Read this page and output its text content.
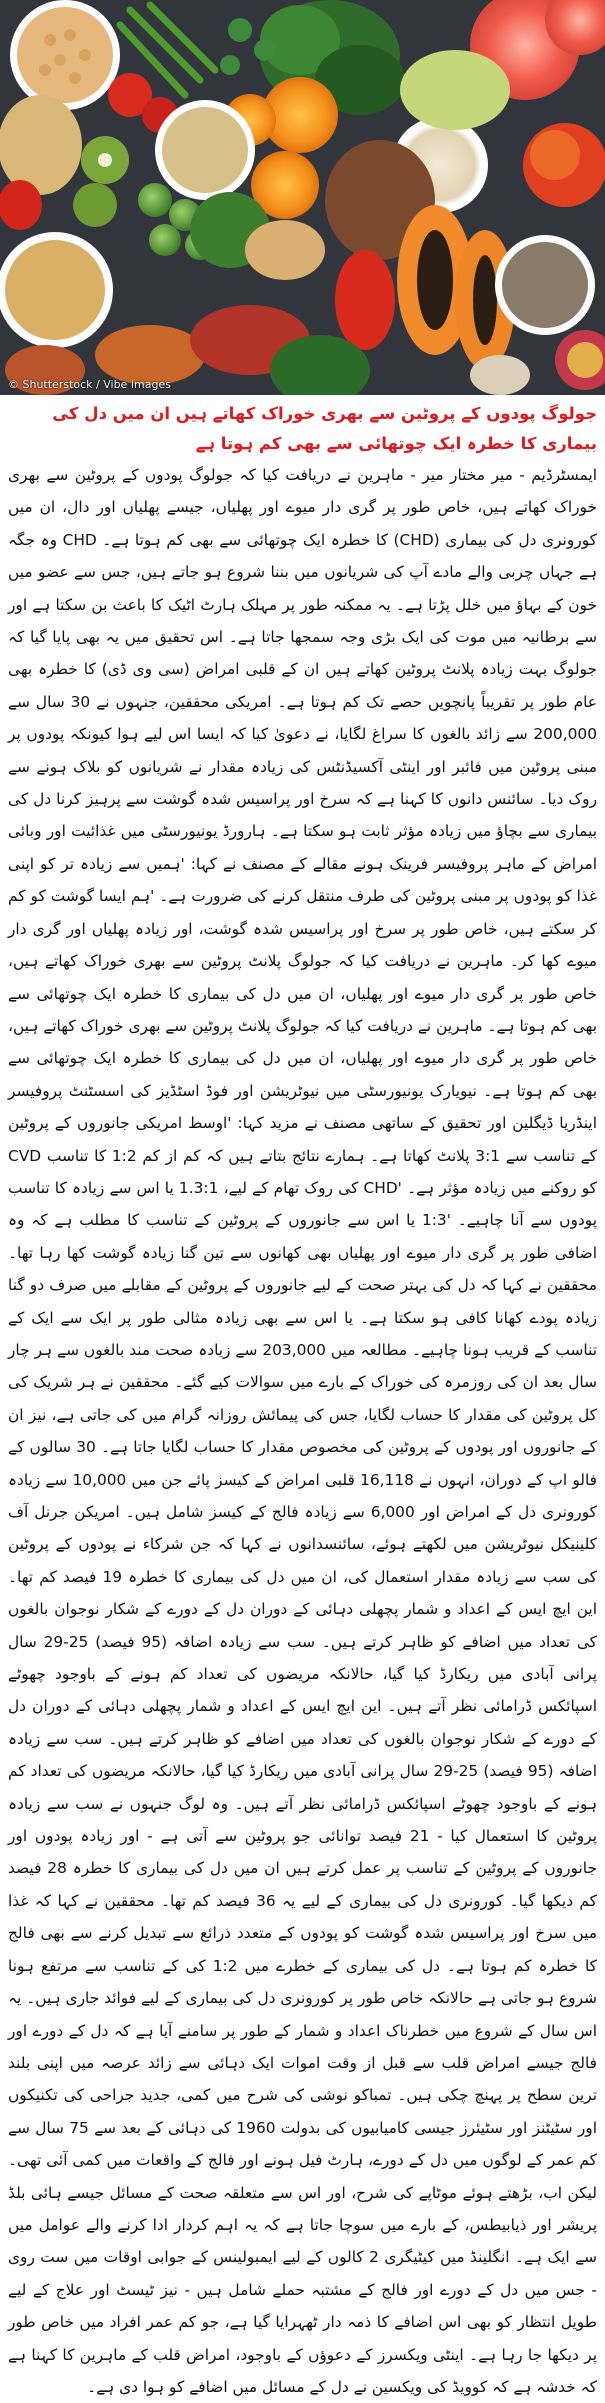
© Shutterstock / Vibe Images
جولوگ پودوں کے پروٹین سے بھری خوراک کھاتے ہیں ان میں دل کی بیماری کا خطرہ ایک چوتھائی سے بھی کم ہوتا ہے

ایمسٹرڈیم - میر مختار میر - ماہرین نے دریافت کیا کہ جولوگ پودوں کے پروٹین سے بھری خوراک کھاتے ہیں، خاص طور پر گری دار میوے اور پھلیاں، جیسے پھلیاں اور دال، ان میں کورونری دل کی بیماری (CHD) کا خطرہ ایک چوتھائی سے بھی کم ہوتا ہے۔ CHD وہ جگہ ہے جہاں چربی والے مادے آپ کی شریانوں میں بننا شروع ہو جاتے ہیں، جس سے عضو میں خون کے بہاؤ میں خلل پڑتا ہے۔ یہ ممکنہ طور پر مہلک ہارٹ اٹیک کا باعث بن سکتا ہے اور سے برطانیہ میں موت کی ایک بڑی وجہ سمجھا جاتا ہے۔ اس تحقیق میں یہ بھی پایا گیا کہ جولوگ بہت زیادہ پلانٹ پروٹین کھاتے ہیں ان کے قلبی امراض (سی وی ڈی) کا خطرہ بھی عام طور پر تقریباً پانچویں حصے تک کم ہوتا ہے۔ امریکی محققین، جنہوں نے 30 سال سے 200,000 سے زائد بالغوں کا سراغ لگایا، نے دعویٰ کیا کہ ایسا اس لیے ہوا کیونکہ پودوں پر مبنی پروٹین میں فائبر اور اینٹی آکسیڈنٹس کی زیادہ مقدار نے شریانوں کو بلاک ہونے سے روک دیا۔ سائنس دانوں کا کہنا ہے کہ سرخ اور پراسیس شدہ گوشت سے پرہیز کرنا دل کی بیماری سے بچاؤ میں زیادہ مؤثر ثابت ہو سکتا ہے۔ ہارورڈ یونیورسٹی میں غذائیت اور وبائی امراض کے ماہر پروفیسر فرینک ہونے مقالے کے مصنف نے کہا: 'ہمیں سے زیادہ تر کو اپنی غذا کو پودوں پر مبنی پروٹین کی طرف منتقل کرنے کی ضرورت ہے۔ 'ہم ایسا گوشت کو کم کر سکتے ہیں، خاص طور پر سرخ اور پراسیس شدہ گوشت، اور زیادہ پھلیاں اور گری دار میوے کھا کر۔ ماہرین نے دریافت کیا کہ جولوگ پلانٹ پروٹین سے بھری خوراک کھاتے ہیں، خاص طور پر گری دار میوے اور پھلیاں، ان میں دل کی بیماری کا خطرہ ایک چوتھائی سے بھی کم ہوتا ہے۔ ماہرین نے دریافت کیا کہ جولوگ پلانٹ پروٹین سے بھری خوراک کھاتے ہیں، خاص طور پر گری دار میوے اور پھلیاں، ان میں دل کی بیماری کا خطرہ ایک چوتھائی سے بھی کم ہوتا ہے۔ نیویارک یونیورسٹی میں نیوٹریشن اور فوڈ اسٹڈیز کی اسسٹنٹ پروفیسر اینڈریا ڈیگلین اور تحقیق کے ساتھی مصنف نے مزید کہا: 'اوسط امریکی جانوروں کے پروٹین کے تناسب سے 3:1 پلانٹ کھاتا ہے۔ ہمارے نتائج بتاتے ہیں کہ کم از کم 1:2 کا تناسب CVD کو روکنے میں زیادہ مؤثر ہے۔ 'CHD کی روک تھام کے لیے، 1.3:1 یا اس سے زیادہ کا تناسب پودوں سے آنا چاہیے۔ '1:3 یا اس سے جانوروں کے پروٹین کے تناسب کا مطلب ہے کہ وہ اضافی طور پر گری دار میوے اور پھلیاں بھی کھانوں سے تین گنا زیادہ گوشت کھا رہا تھا۔ محققین نے کہا کہ دل کی بہتر صحت کے لیے جانوروں کے پروٹین کے مقابلے میں صرف دو گنا زیادہ پودے کھانا کافی ہو سکتا ہے۔ یا اس سے بھی زیادہ مثالی طور پر ایک سے ایک کے تناسب کے قریب ہونا چاہیے۔ مطالعہ میں 203,000 سے زیادہ صحت مند بالغوں سے ہر چار سال بعد ان کی روزمرہ کی خوراک کے بارے میں سوالات کیے گئے۔ محققین نے ہر شریک کی کل پروٹین کی مقدار کا حساب لگایا، جس کی پیمائش روزانہ گرام میں کی جاتی ہے، نیز ان کے جانوروں اور پودوں کے پروٹین کی مخصوص مقدار کا حساب لگایا جاتا ہے۔ 30 سالوں کے فالو اپ کے دوران، انہوں نے 16,118 قلبی امراض کے کیسز پائے جن میں 10,000 سے زیادہ کورونری دل کے امراض اور 6,000 سے زیادہ فالج کے کیسز شامل ہیں۔ امریکن جرنل آف کلینیکل نیوٹریشن میں لکھتے ہوئے، سائنسدانوں نے کہا کہ جن شرکاء نے پودوں کے پروٹین کی سب سے زیادہ مقدار استعمال کی، ان میں دل کی بیماری کا خطرہ 19 فیصد کم تھا۔ این ایچ ایس کے اعداد و شمار پچھلی دہائی کے دوران دل کے دورے کے شکار نوجوان بالغوں کی تعداد میں اضافے کو ظاہر کرتے ہیں۔ سب سے زیادہ اضافہ (95 فیصد) 25-29 سال پرانی آبادی میں ریکارڈ کیا گیا، حالانکہ مریضوں کی تعداد کم ہونے کے باوجود چھوٹے اسپائکس ڈرامائی نظر آتے ہیں۔ این ایچ ایس کے اعداد و شمار پچھلی دہائی کے دوران دل کے دورے کے شکار نوجوان بالغوں کی تعداد میں اضافے کو ظاہر کرتے ہیں۔ سب سے زیادہ اضافہ (95 فیصد) 25-29 سال پرانی آبادی میں ریکارڈ کیا گیا، حالانکہ مریضوں کی تعداد کم ہونے کے باوجود چھوٹے اسپائکس ڈرامائی نظر آتے ہیں۔ وہ لوگ جنہوں نے سب سے زیادہ پروٹین کا استعمال کیا - 21 فیصد توانائی جو پروٹین سے آتی ہے - اور زیادہ پودوں اور جانوروں کے پروٹین کے تناسب پر عمل کرتے ہیں ان میں دل کی بیماری کا خطرہ 28 فیصد کم دیکھا گیا۔ کورونری دل کی بیماری کے لیے یہ 36 فیصد کم تھا۔ محققین نے کہا کہ غذا میں سرخ اور پراسیس شدہ گوشت کو پودوں کے متعدد ذرائع سے تبدیل کرنے سے بھی فالج کا خطرہ کم ہوتا ہے۔ دل کی بیماری کے خطرے میں 1:2 کی کے تناسب سے مرتفع ہونا شروع ہو جاتی ہے حالانکہ خاص طور پر کورونری دل کی بیماری کے لیے فوائد جاری ہیں۔ یہ اس سال کے شروع میں خطرناک اعداد و شمار کے طور پر سامنے آیا ہے کہ دل کے دورے اور فالج جیسے امراض قلب سے قبل از وقت اموات ایک دہائی سے زائد عرصہ میں اپنی بلند ترین سطح پر پہنچ چکی ہیں۔ تمباکو نوشی کی شرح میں کمی، جدید جراحی کی تکنیکوں اور سٹیٹنز اور سٹیئرز جیسی کامیابیوں کی بدولت 1960 کی دہائی کے بعد سے 75 سال سے کم عمر کے لوگوں میں دل کے دورے، ہارٹ فیل ہونے اور فالج کے واقعات میں کمی آئی تھی۔ لیکن اب، بڑھتے ہوئے موٹاپے کی شرح، اور اس سے متعلقہ صحت کے مسائل جیسے ہائی بلڈ پریشر اور ذیابیطس، کے بارے میں سوچا جاتا ہے کہ یہ اہم کردار ادا کرنے والے عوامل میں سے ایک ہے۔ انگلینڈ میں کیٹیگری 2 کالوں کے لیے ایمبولینس کے جوابی اوقات میں ست روی - جس میں دل کے دورے اور فالج کے مشتبہ حملے شامل ہیں - نیز ٹیسٹ اور علاج کے لیے طویل انتظار کو بھی اس اضافے کا ذمہ دار ٹھہرایا گیا ہے، جو کم عمر افراد میں خاص طور پر دیکھا جا رہا ہے۔ اینٹی ویکسرز کے دعوؤں کے باوجود، امراض قلب کے ماہرین کا کہنا ہے کہ خدشہ ہے کہ کوویڈ کی ویکسین نے دل کے مسائل میں اضافے کو ہوا دی ہے۔
